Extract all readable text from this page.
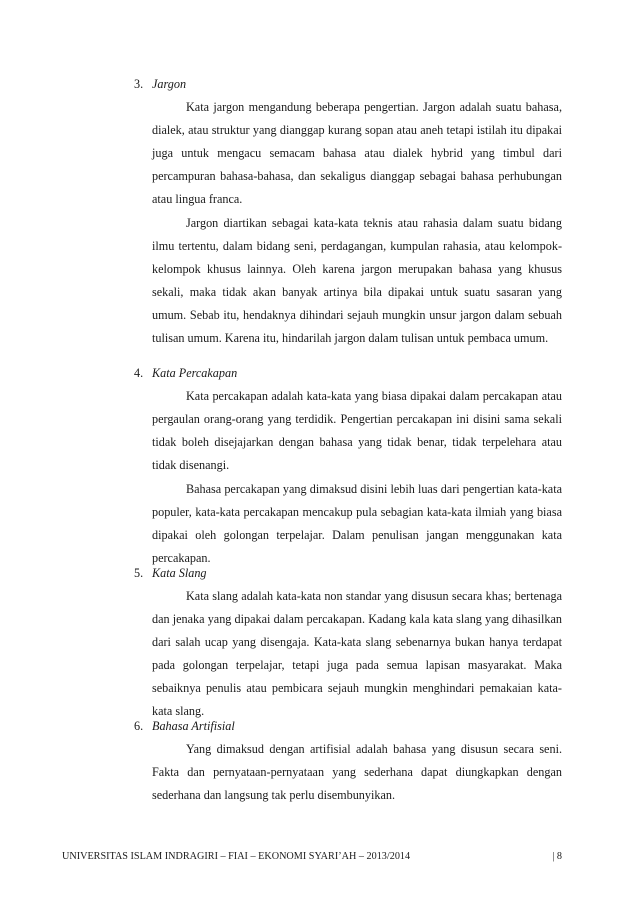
3. Jargon

Kata jargon mengandung beberapa pengertian. Jargon adalah suatu bahasa, dialek, atau struktur yang dianggap kurang sopan atau aneh tetapi istilah itu dipakai juga untuk mengacu semacam bahasa atau dialek hybrid yang timbul dari percampuran bahasa-bahasa, dan sekaligus dianggap sebagai bahasa perhubungan atau lingua franca.

Jargon diartikan sebagai kata-kata teknis atau rahasia dalam suatu bidang ilmu tertentu, dalam bidang seni, perdagangan, kumpulan rahasia, atau kelompok-kelompok khusus lainnya. Oleh karena jargon merupakan bahasa yang khusus sekali, maka tidak akan banyak artinya bila dipakai untuk suatu sasaran yang umum. Sebab itu, hendaknya dihindari sejauh mungkin unsur jargon dalam sebuah tulisan umum. Karena itu, hindarilah jargon dalam tulisan untuk pembaca umum.

4. Kata Percakapan

Kata percakapan adalah kata-kata yang biasa dipakai dalam percakapan atau pergaulan orang-orang yang terdidik. Pengertian percakapan ini disini sama sekali tidak boleh disejajarkan dengan bahasa yang tidak benar, tidak terpelehara atau tidak disenangi.

Bahasa percakapan yang dimaksud disini lebih luas dari pengertian kata-kata populer, kata-kata percakapan mencakup pula sebagian kata-kata ilmiah yang biasa dipakai oleh golongan terpelajar. Dalam penulisan jangan menggunakan kata percakapan.

5. Kata Slang

Kata slang adalah kata-kata non standar yang disusun secara khas; bertenaga dan jenaka yang dipakai dalam percakapan. Kadang kala kata slang yang dihasilkan dari salah ucap yang disengaja. Kata-kata slang sebenarnya bukan hanya terdapat pada golongan terpelajar, tetapi juga pada semua lapisan masyarakat. Maka sebaiknya penulis atau pembicara sejauh mungkin menghindari pemakaian kata-kata slang.

6. Bahasa Artifisial

Yang dimaksud dengan artifisial adalah bahasa yang disusun secara seni. Fakta dan pernyataan-pernyataan yang sederhana dapat diungkapkan dengan sederhana dan langsung tak perlu disembunyikan.

UNIVERSITAS ISLAM INDRAGIRI – FIAI – EKONOMI SYARI’AH – 2013/2014	| 8
